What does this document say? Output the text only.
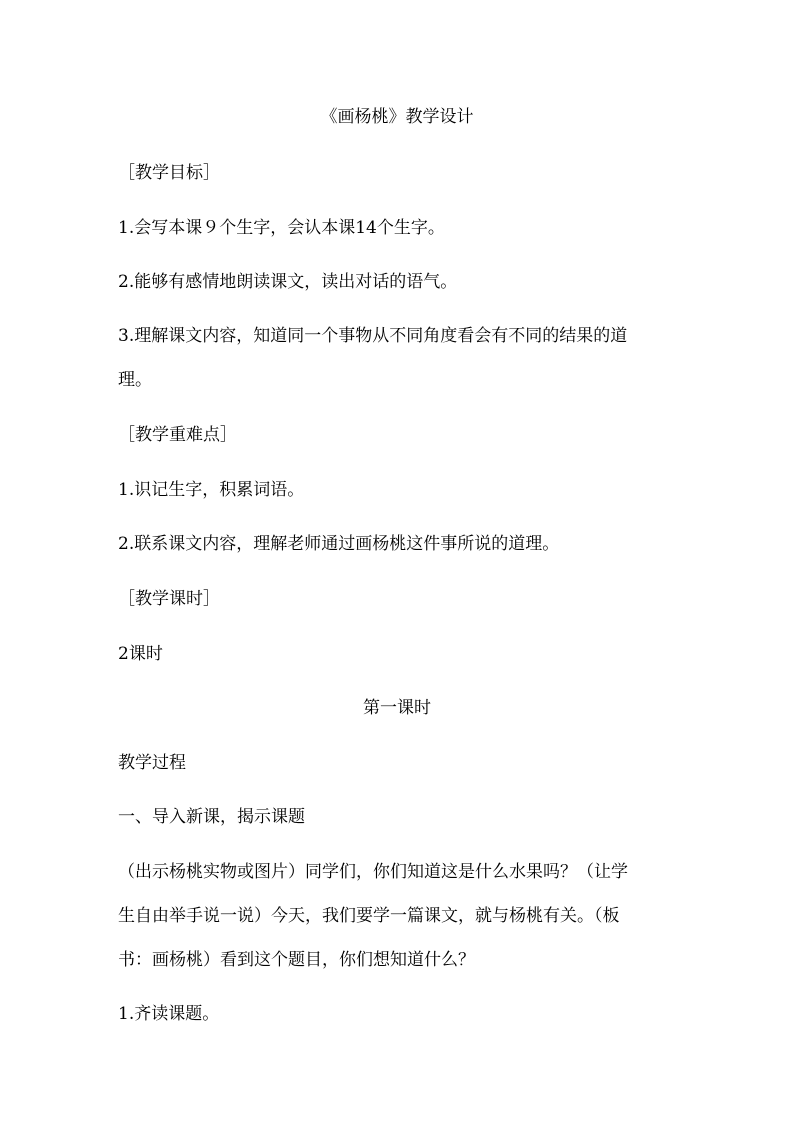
《画杨桃》教学设计
［教学目标］
1.会写本课９个生字，会认本课14个生字。
2.能够有感情地朗读课文，读出对话的语气。
3.理解课文内容，知道同一个事物从不同角度看会有不同的结果的道
理。
［教学重难点］
1.识记生字，积累词语。
2.联系课文内容，理解老师通过画杨桃这件事所说的道理。
［教学课时］
2课时
第一课时
教学过程
一、导入新课，揭示课题
（出示杨桃实物或图片）同学们，你们知道这是什么水果吗？（让学
生自由举手说一说）今天，我们要学一篇课文，就与杨桃有关。（板
书：画杨桃）看到这个题目，你们想知道什么？
1.齐读课题。
